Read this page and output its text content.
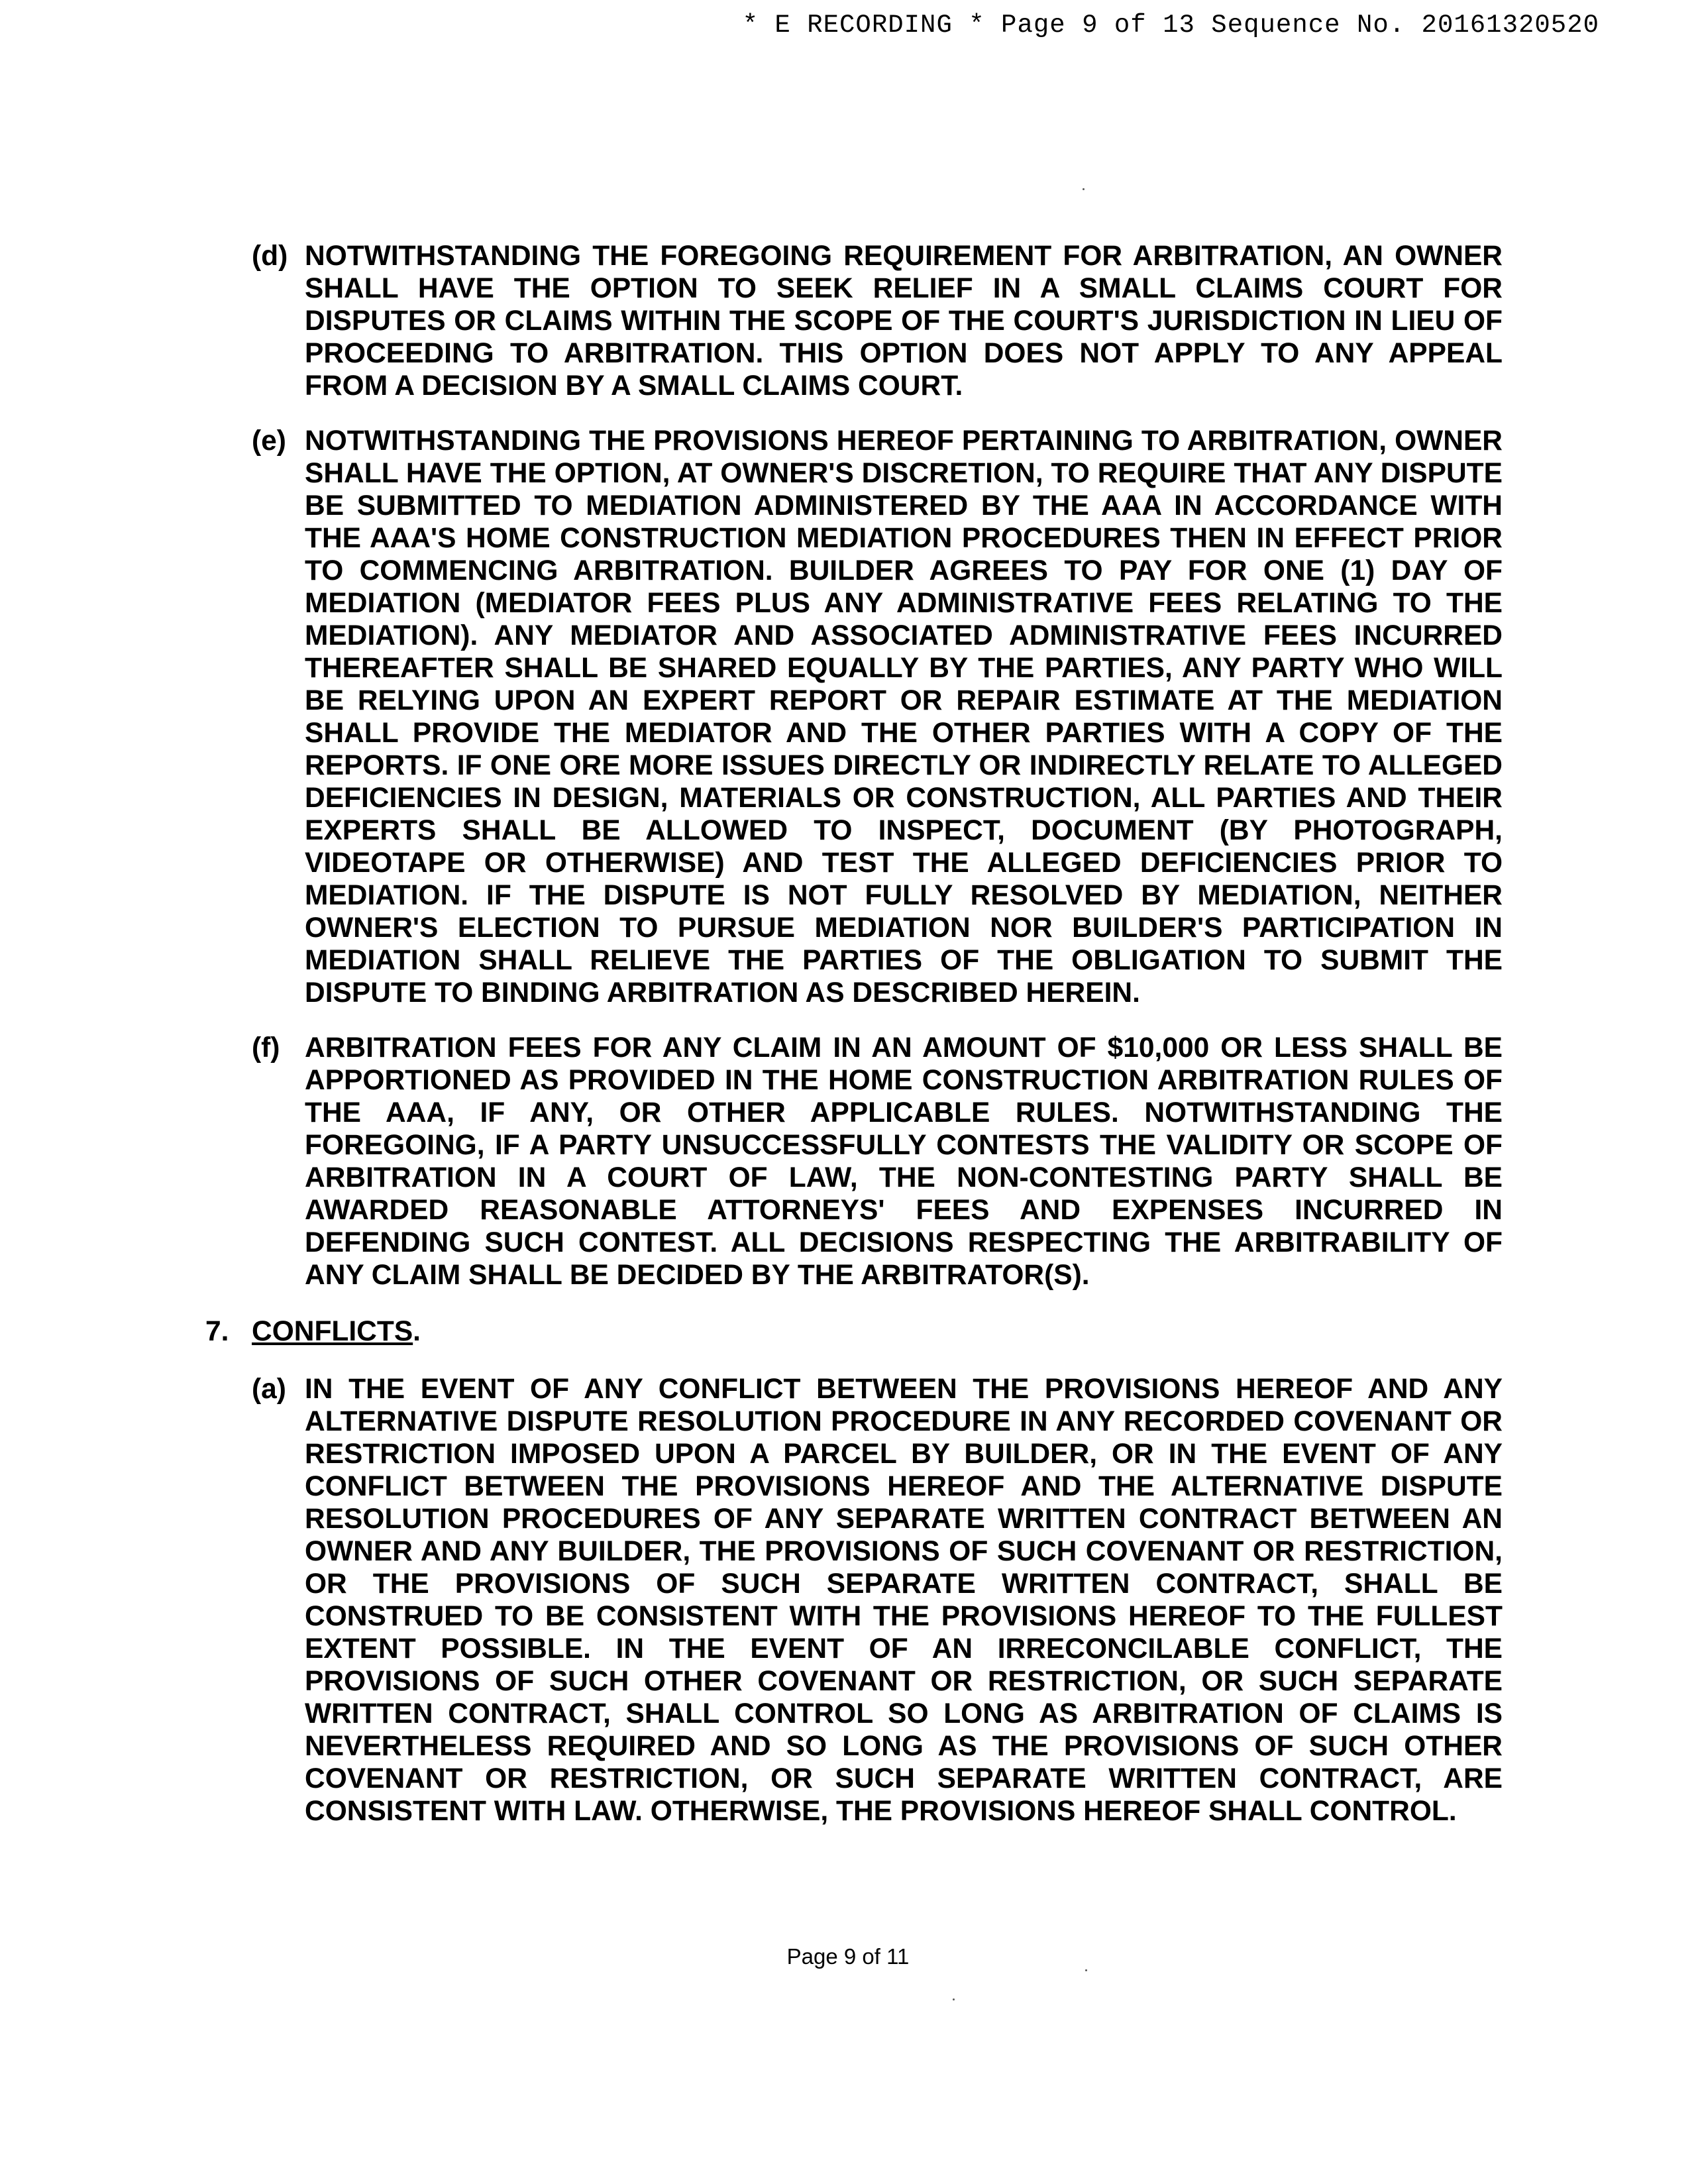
* E RECORDING * Page 9 of 13 Sequence No. 20161320520
(d) NOTWITHSTANDING THE FOREGOING REQUIREMENT FOR ARBITRATION, AN OWNER SHALL HAVE THE OPTION TO SEEK RELIEF IN A SMALL CLAIMS COURT FOR DISPUTES OR CLAIMS WITHIN THE SCOPE OF THE COURT'S JURISDICTION IN LIEU OF PROCEEDING TO ARBITRATION. THIS OPTION DOES NOT APPLY TO ANY APPEAL FROM A DECISION BY A SMALL CLAIMS COURT.
(e) NOTWITHSTANDING THE PROVISIONS HEREOF PERTAINING TO ARBITRATION, OWNER SHALL HAVE THE OPTION, AT OWNER'S DISCRETION, TO REQUIRE THAT ANY DISPUTE BE SUBMITTED TO MEDIATION ADMINISTERED BY THE AAA IN ACCORDANCE WITH THE AAA'S HOME CONSTRUCTION MEDIATION PROCEDURES THEN IN EFFECT PRIOR TO COMMENCING ARBITRATION. BUILDER AGREES TO PAY FOR ONE (1) DAY OF MEDIATION (MEDIATOR FEES PLUS ANY ADMINISTRATIVE FEES RELATING TO THE MEDIATION). ANY MEDIATOR AND ASSOCIATED ADMINISTRATIVE FEES INCURRED THEREAFTER SHALL BE SHARED EQUALLY BY THE PARTIES, ANY PARTY WHO WILL BE RELYING UPON AN EXPERT REPORT OR REPAIR ESTIMATE AT THE MEDIATION SHALL PROVIDE THE MEDIATOR AND THE OTHER PARTIES WITH A COPY OF THE REPORTS. IF ONE ORE MORE ISSUES DIRECTLY OR INDIRECTLY RELATE TO ALLEGED DEFICIENCIES IN DESIGN, MATERIALS OR CONSTRUCTION, ALL PARTIES AND THEIR EXPERTS SHALL BE ALLOWED TO INSPECT, DOCUMENT (BY PHOTOGRAPH, VIDEOTAPE OR OTHERWISE) AND TEST THE ALLEGED DEFICIENCIES PRIOR TO MEDIATION. IF THE DISPUTE IS NOT FULLY RESOLVED BY MEDIATION, NEITHER OWNER'S ELECTION TO PURSUE MEDIATION NOR BUILDER'S PARTICIPATION IN MEDIATION SHALL RELIEVE THE PARTIES OF THE OBLIGATION TO SUBMIT THE DISPUTE TO BINDING ARBITRATION AS DESCRIBED HEREIN.
(f) ARBITRATION FEES FOR ANY CLAIM IN AN AMOUNT OF $10,000 OR LESS SHALL BE APPORTIONED AS PROVIDED IN THE HOME CONSTRUCTION ARBITRATION RULES OF THE AAA, IF ANY, OR OTHER APPLICABLE RULES. NOTWITHSTANDING THE FOREGOING, IF A PARTY UNSUCCESSFULLY CONTESTS THE VALIDITY OR SCOPE OF ARBITRATION IN A COURT OF LAW, THE NON-CONTESTING PARTY SHALL BE AWARDED REASONABLE ATTORNEYS' FEES AND EXPENSES INCURRED IN DEFENDING SUCH CONTEST. ALL DECISIONS RESPECTING THE ARBITRABILITY OF ANY CLAIM SHALL BE DECIDED BY THE ARBITRATOR(S).
7. CONFLICTS.
(a) IN THE EVENT OF ANY CONFLICT BETWEEN THE PROVISIONS HEREOF AND ANY ALTERNATIVE DISPUTE RESOLUTION PROCEDURE IN ANY RECORDED COVENANT OR RESTRICTION IMPOSED UPON A PARCEL BY BUILDER, OR IN THE EVENT OF ANY CONFLICT BETWEEN THE PROVISIONS HEREOF AND THE ALTERNATIVE DISPUTE RESOLUTION PROCEDURES OF ANY SEPARATE WRITTEN CONTRACT BETWEEN AN OWNER AND ANY BUILDER, THE PROVISIONS OF SUCH COVENANT OR RESTRICTION, OR THE PROVISIONS OF SUCH SEPARATE WRITTEN CONTRACT, SHALL BE CONSTRUED TO BE CONSISTENT WITH THE PROVISIONS HEREOF TO THE FULLEST EXTENT POSSIBLE. IN THE EVENT OF AN IRRECONCILABLE CONFLICT, THE PROVISIONS OF SUCH OTHER COVENANT OR RESTRICTION, OR SUCH SEPARATE WRITTEN CONTRACT, SHALL CONTROL SO LONG AS ARBITRATION OF CLAIMS IS NEVERTHELESS REQUIRED AND SO LONG AS THE PROVISIONS OF SUCH OTHER COVENANT OR RESTRICTION, OR SUCH SEPARATE WRITTEN CONTRACT, ARE CONSISTENT WITH LAW. OTHERWISE, THE PROVISIONS HEREOF SHALL CONTROL.
Page 9 of 11
